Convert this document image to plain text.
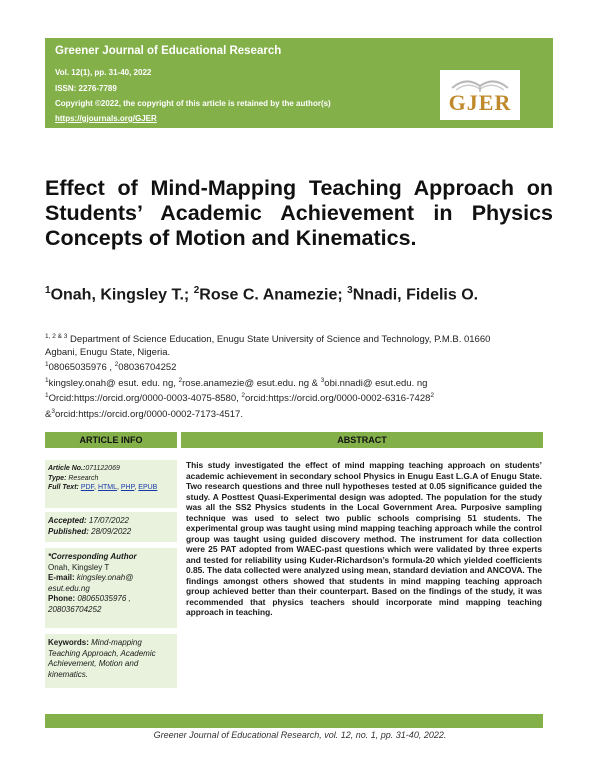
Greener Journal of Educational Research
Vol. 12(1), pp. 31-40, 2022
ISSN: 2276-7789
Copyright ©2022, the copyright of this article is retained by the author(s)
https://gjournals.org/GJER
GJER
Effect of Mind-Mapping Teaching Approach on Students’ Academic Achievement in Physics Concepts of Motion and Kinematics.
$^1$Onah, Kingsley T.; $^2$Rose C. Anamezie; $^3$Nnadi, Fidelis O.
$^{1, 2 \& 3}$ Department of Science Education, Enugu State University of Science and Technology, P.M.B. 01660
Agbani, Enugu State, Nigeria.
$^1$08065035976 , $^2$08036704252
$^1$kingsley.onah@ esut. edu. ng, $^2$rose.anamezie@ esut.edu. ng & $^3$obi.nnadi@ esut.edu. ng
$^1$Orcid:https://orcid.org/0000-0003-4075-8580, $^2$orcid:https://orcid.org/0000-0002-6316-7428$^2$
&$^3$orcid:https://orcid.org/0000-0002-7173-4517.
ARTICLE INFO	ABSTRACT
Article No.:071122069
Type: Research
Full Text: PDF, HTML, PHP, EPUB
Accepted: 17/07/2022
Published: 28/09/2022
*Corresponding Author
Onah, Kingsley T
E-mail: kingsley.onah@
esut.edu.ng
Phone: 08065035976 ,
208036704252
Keywords: Mind-mapping
Teaching Approach, Academic
Achievement, Motion and
kinematics.
This study investigated the effect of mind mapping teaching approach on students’ academic achievement in secondary school Physics in Enugu East L.G.A of Enugu State. Two research questions and three null hypotheses tested at 0.05 significance guided the study. A Posttest Quasi-Experimental design was adopted. The population for the study was all the SS2 Physics students in the Local Government Area. Purposive sampling technique was used to select two public schools comprising 51 students. The experimental group was taught using mind mapping teaching approach while the control group was taught using guided discovery method. The instrument for data collection were 25 PAT adopted from WAEC-past questions which were validated by three experts and tested for reliability using Kuder-Richardson’s formula-20 which yielded coefficients 0.85. The data collected were analyzed using mean, standard deviation and ANCOVA. The findings amongst others showed that students in mind mapping teaching approach group achieved better than their counterpart. Based on the findings of the study, it was recommended that physics teachers should incorporate mind mapping teaching approach in teaching.
Greener Journal of Educational Research, vol. 12, no. 1, pp. 31-40, 2022.
